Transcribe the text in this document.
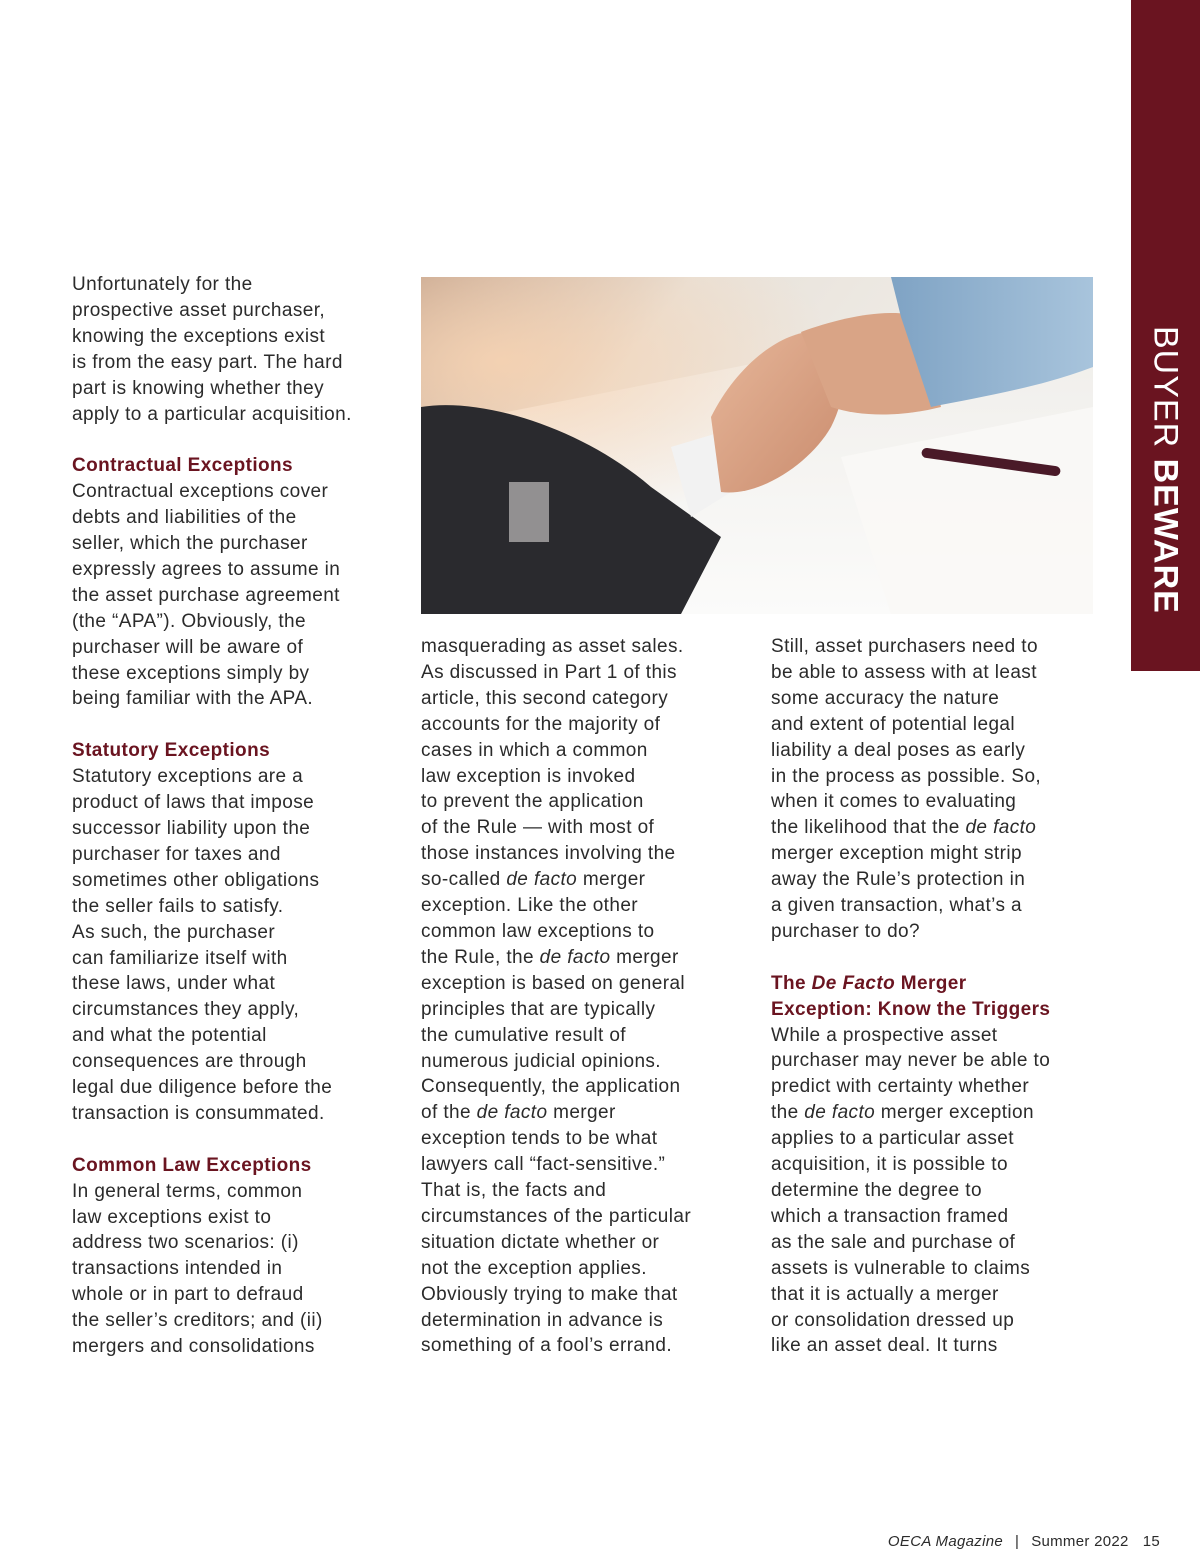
BUYER BEWARE

Unfortunately for the
prospective asset purchaser,
knowing the exceptions exist
is from the easy part. The hard
part is knowing whether they
apply to a particular acquisition.

Contractual Exceptions

Contractual exceptions cover
debts and liabilities of the
seller, which the purchaser
expressly agrees to assume in
the asset purchase agreement
(the “APA”). Obviously, the
purchaser will be aware of
these exceptions simply by
being familiar with the APA.

Statutory Exceptions

Statutory exceptions are a
product of laws that impose
successor liability upon the
purchaser for taxes and
sometimes other obligations
the seller fails to satisfy.
As such, the purchaser
can familiarize itself with
these laws, under what
circumstances they apply,
and what the potential
consequences are through
legal due diligence before the
transaction is consummated.

Common Law Exceptions

In general terms, common
law exceptions exist to
address two scenarios: (i)
transactions intended in
whole or in part to defraud
the seller’s creditors; and (ii)
mergers and consolidations

masquerading as asset sales.
As discussed in Part 1 of this
article, this second category
accounts for the majority of
cases in which a common
law exception is invoked
to prevent the application
of the Rule — with most of
those instances involving the
so-called de facto merger
exception. Like the other
common law exceptions to
the Rule, the de facto merger
exception is based on general
principles that are typically
the cumulative result of
numerous judicial opinions.
Consequently, the application
of the de facto merger
exception tends to be what
lawyers call “fact-sensitive.”
That is, the facts and
circumstances of the particular
situation dictate whether or
not the exception applies.
Obviously trying to make that
determination in advance is
something of a fool’s errand.

Still, asset purchasers need to
be able to assess with at least
some accuracy the nature
and extent of potential legal
liability a deal poses as early
in the process as possible. So,
when it comes to evaluating
the likelihood that the de facto
merger exception might strip
away the Rule’s protection in
a given transaction, what’s a
purchaser to do?

The De Facto Merger
Exception: Know the Triggers

While a prospective asset
purchaser may never be able to
predict with certainty whether
the de facto merger exception
applies to a particular asset
acquisition, it is possible to
determine the degree to
which a transaction framed
as the sale and purchase of
assets is vulnerable to claims
that it is actually a merger
or consolidation dressed up
like an asset deal. It turns

OECA Magazine | Summer 2022 15
